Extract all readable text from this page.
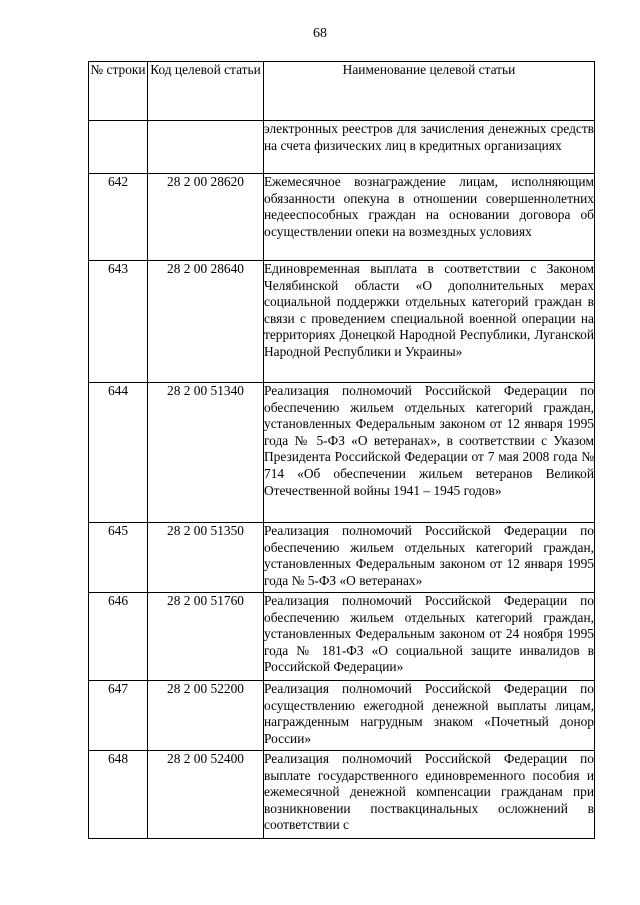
68
№ строки	Код целевой статьи	Наименование целевой статьи
		электронных реестров для зачисления денежных средств на счета физических лиц в кредитных организациях
642	28 2 00 28620	Ежемесячное вознаграждение лицам, исполняющим обязанности опекуна в отношении совершеннолетних недееспособных граждан на основании договора об осуществлении опеки на возмездных условиях
643	28 2 00 28640	Единовременная выплата в соответствии с Законом Челябинской области «О дополнительных мерах социальной поддержки отдельных категорий граждан в связи с проведением специальной военной операции на территориях Донецкой Народной Республики, Луганской Народной Республики и Украины»
644	28 2 00 51340	Реализация полномочий Российской Федерации по обеспечению жильем отдельных категорий граждан, установленных Федеральным законом от 12 января 1995 года № 5-ФЗ «О ветеранах», в соответствии с Указом Президента Российской Федерации от 7 мая 2008 года № 714 «Об обеспечении жильем ветеранов Великой Отечественной войны 1941 – 1945 годов»
645	28 2 00 51350	Реализация полномочий Российской Федерации по обеспечению жильем отдельных категорий граждан, установленных Федеральным законом от 12 января 1995 года № 5-ФЗ «О ветеранах»
646	28 2 00 51760	Реализация полномочий Российской Федерации по обеспечению жильем отдельных категорий граждан, установленных Федеральным законом от 24 ноября 1995 года № 181-ФЗ «О социальной защите инвалидов в Российской Федерации»
647	28 2 00 52200	Реализация полномочий Российской Федерации по осуществлению ежегодной денежной выплаты лицам, награжденным нагрудным знаком «Почетный донор России»
648	28 2 00 52400	Реализация полномочий Российской Федерации по выплате государственного единовременного пособия и ежемесячной денежной компенсации гражданам при возникновении поствакцинальных осложнений в соответствии с
